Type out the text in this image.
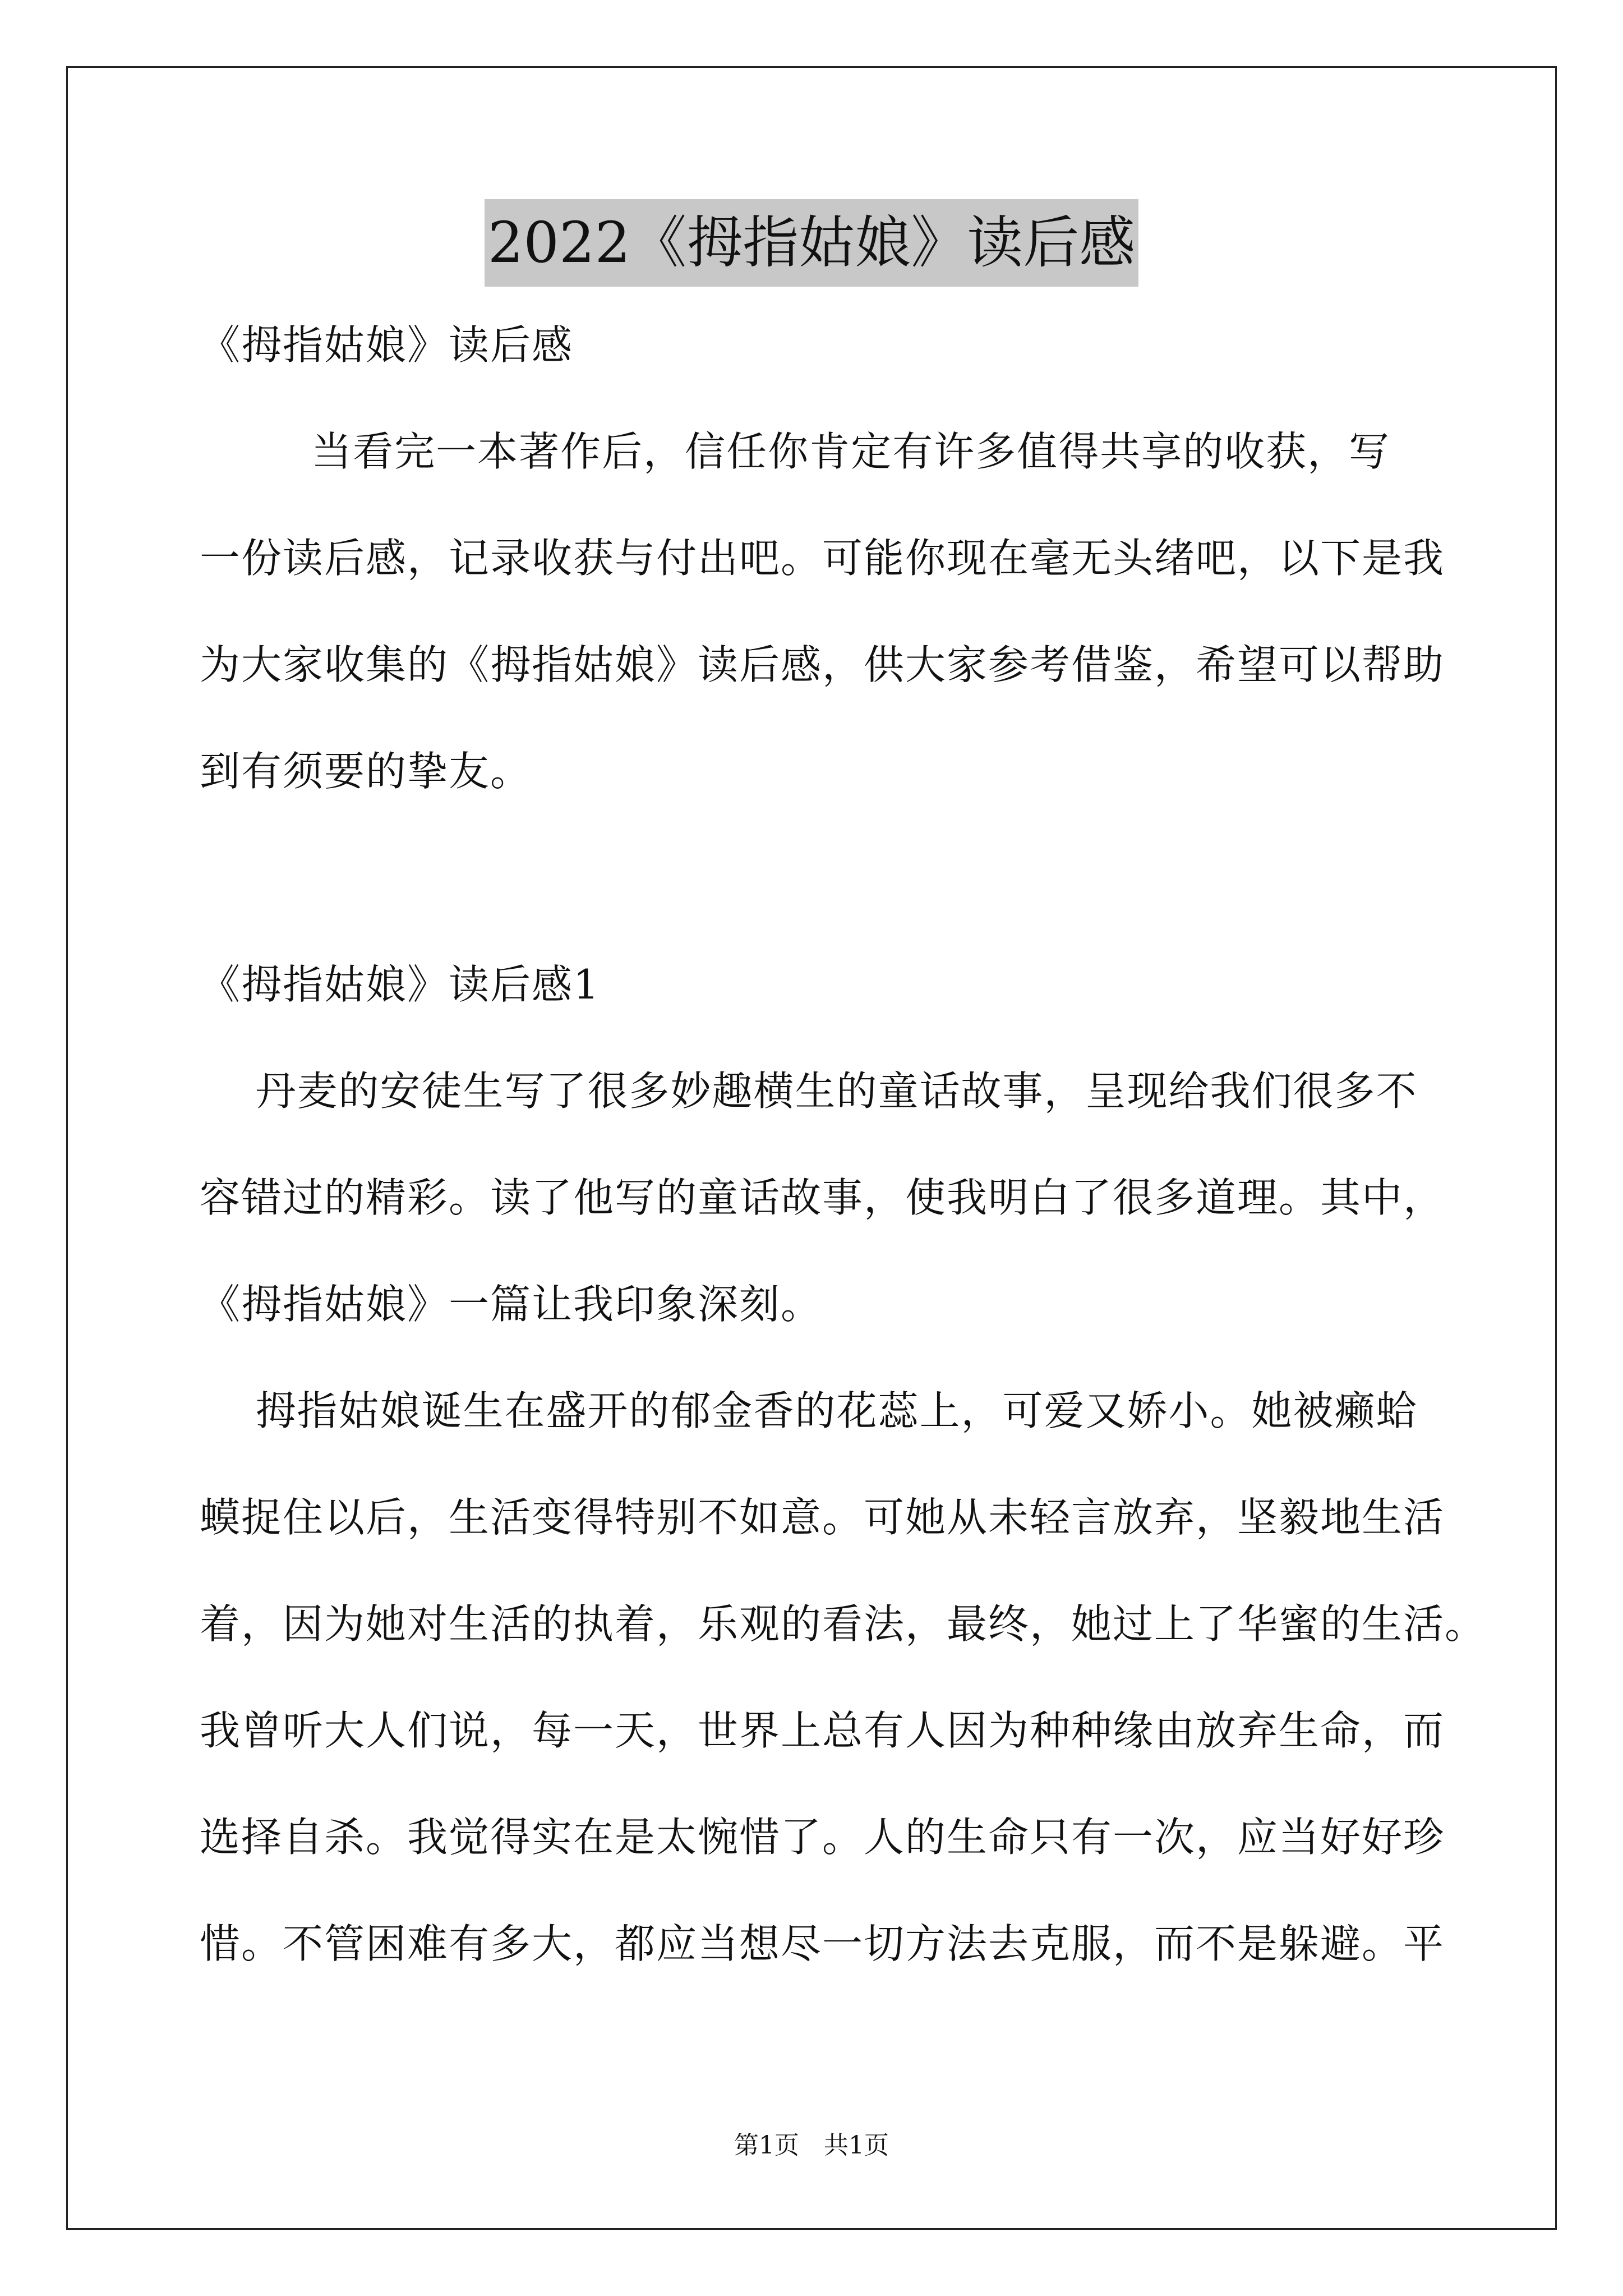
2022《拇指姑娘》读后感

《拇指姑娘》读后感

当看完一本著作后，信任你肯定有许多值得共享的收获，写

一份读后感，记录收获与付出吧。可能你现在毫无头绪吧，以下是我

为大家收集的《拇指姑娘》读后感，供大家参考借鉴，希望可以帮助

到有须要的挚友。

《拇指姑娘》读后感1

丹麦的安徒生写了很多妙趣横生的童话故事，呈现给我们很多不

容错过的精彩。读了他写的童话故事，使我明白了很多道理。其中，

《拇指姑娘》一篇让我印象深刻。

拇指姑娘诞生在盛开的郁金香的花蕊上，可爱又娇小。她被癞蛤

蟆捉住以后，生活变得特别不如意。可她从未轻言放弃，坚毅地生活

着，因为她对生活的执着，乐观的看法，最终，她过上了华蜜的生活。

我曾听大人们说，每一天，世界上总有人因为种种缘由放弃生命，而

选择自杀。我觉得实在是太惋惜了。人的生命只有一次，应当好好珍

惜。不管困难有多大，都应当想尽一切方法去克服，而不是躲避。平

第1页　共1页
